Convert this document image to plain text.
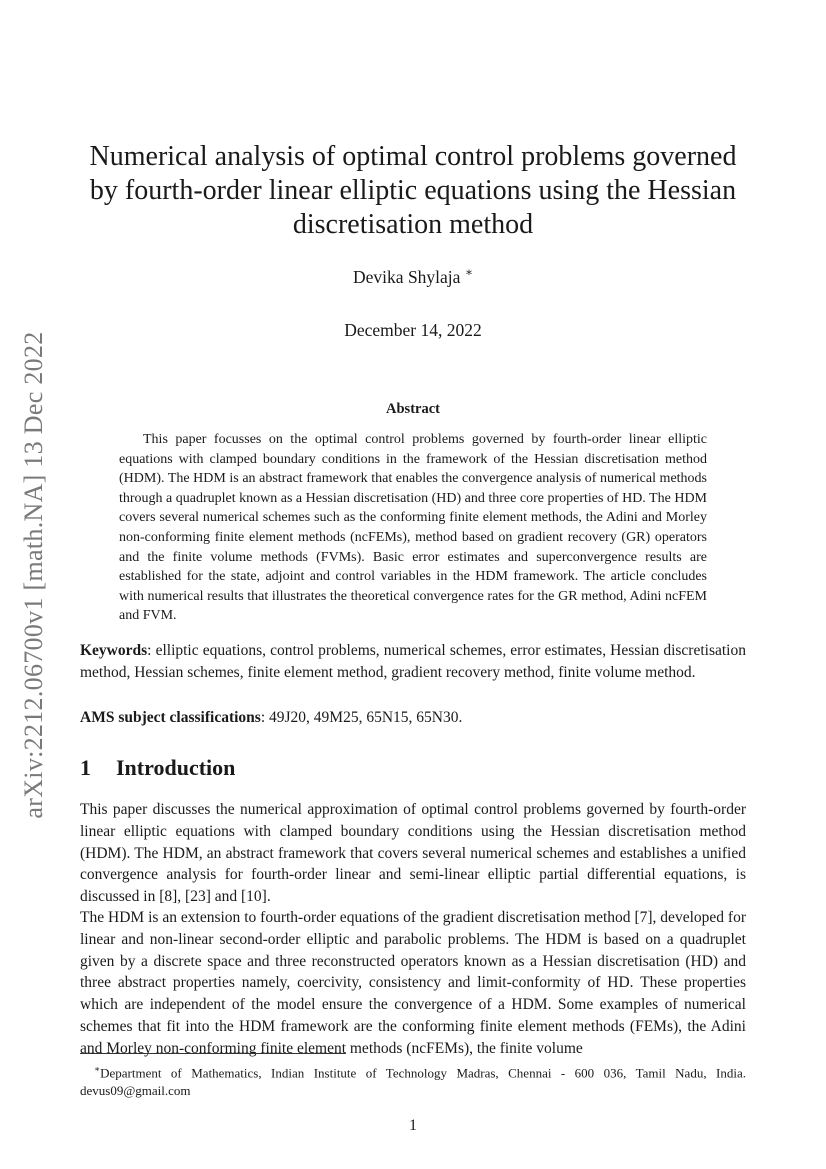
arXiv:2212.06700v1 [math.NA] 13 Dec 2022
Numerical analysis of optimal control problems governed
by fourth-order linear elliptic equations using the Hessian
discretisation method
Devika Shylaja ∗
December 14, 2022
Abstract

This paper focusses on the optimal control problems governed by fourth-order linear elliptic equations with clamped boundary conditions in the framework of the Hessian discretisation method (HDM). The HDM is an abstract framework that enables the convergence analysis of numerical methods through a quadruplet known as a Hessian discretisation (HD) and three core properties of HD. The HDM covers several numerical schemes such as the conforming finite element methods, the Adini and Morley non-conforming finite element methods (ncFEMs), method based on gradient recovery (GR) operators and the finite volume methods (FVMs). Basic error estimates and superconvergence results are established for the state, adjoint and control variables in the HDM framework. The article concludes with numerical results that illustrates the theoretical convergence rates for the GR method, Adini ncFEM and FVM.

Keywords: elliptic equations, control problems, numerical schemes, error estimates, Hessian discretisation method, Hessian schemes, finite element method, gradient recovery method, finite volume method.

AMS subject classifications: 49J20, 49M25, 65N15, 65N30.

1 Introduction

This paper discusses the numerical approximation of optimal control problems governed by fourth-order linear elliptic equations with clamped boundary conditions using the Hessian discretisation method (HDM). The HDM, an abstract framework that covers several numerical schemes and establishes a unified convergence analysis for fourth-order linear and semi-linear elliptic partial differential equations, is discussed in [8], [23] and [10].

The HDM is an extension to fourth-order equations of the gradient discretisation method [7], developed for linear and non-linear second-order elliptic and parabolic problems. The HDM is based on a quadruplet given by a discrete space and three reconstructed operators known as a Hessian discretisation (HD) and three abstract properties namely, coercivity, consistency and limit-conformity of HD. These properties which are independent of the model ensure the convergence of a HDM. Some examples of numerical schemes that fit into the HDM framework are the conforming finite element methods (FEMs), the Adini and Morley non-conforming finite element methods (ncFEMs), the finite volume

∗Department of Mathematics, Indian Institute of Technology Madras, Chennai - 600 036, Tamil Nadu, India. devus09@gmail.com

1
